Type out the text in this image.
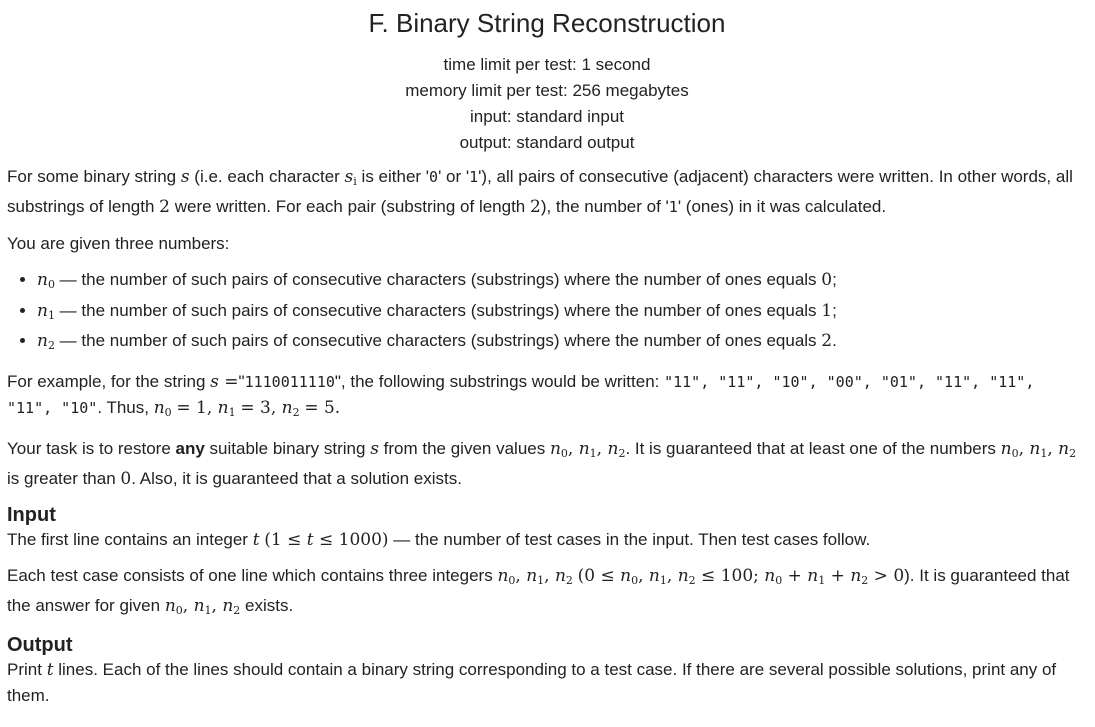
F. Binary String Reconstruction
time limit per test: 1 second
memory limit per test: 256 megabytes
input: standard input
output: standard output

For some binary string s (i.e. each character $s_i$ is either '0' or '1'), all pairs of consecutive (adjacent) characters were written. In other words, all substrings of length 2 were written. For each pair (substring of length 2), the number of '1' (ones) in it was calculated.

You are given three numbers:

• $n_0$ — the number of such pairs of consecutive characters (substrings) where the number of ones equals 0;
• $n_1$ — the number of such pairs of consecutive characters (substrings) where the number of ones equals 1;
• $n_2$ — the number of such pairs of consecutive characters (substrings) where the number of ones equals 2.

For example, for the string s ="1110011110", the following substrings would be written: "11", "11", "10", "00", "01", "11", "11", "11", "10". Thus, $n_0 = 1$, $n_1 = 3$, $n_2 = 5$.

Your task is to restore any suitable binary string s from the given values $n_0$, $n_1$, $n_2$. It is guaranteed that at least one of the numbers $n_0$, $n_1$, $n_2$ is greater than 0. Also, it is guaranteed that a solution exists.

Input

The first line contains an integer t (1 ≤ t ≤ 1000) — the number of test cases in the input. Then test cases follow.

Each test case consists of one line which contains three integers $n_0$, $n_1$, $n_2$ ($0 \le n_0$, $n_1$, $n_2 \le 100$; $n_0 + n_1 + n_2 > 0$). It is guaranteed that the answer for given $n_0$, $n_1$, $n_2$ exists.

Output

Print t lines. Each of the lines should contain a binary string corresponding to a test case. If there are several possible solutions, print any of them.
